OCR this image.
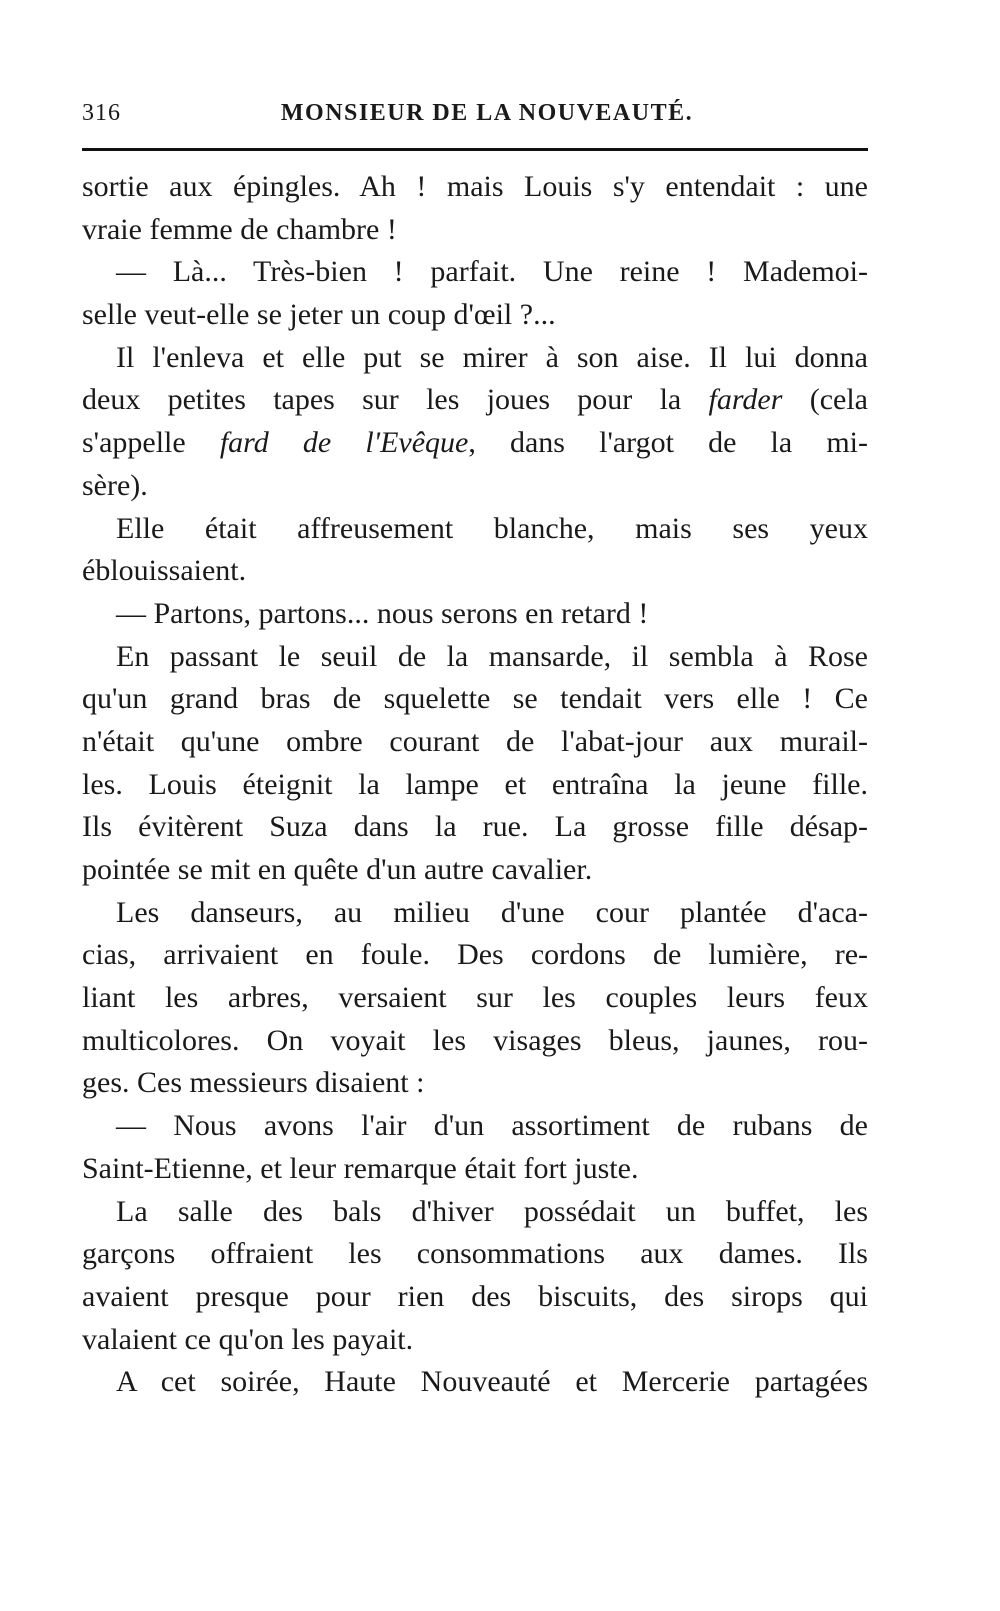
316	MONSIEUR DE LA NOUVEAUTÉ.
sortie aux épingles. Ah ! mais Louis s'y entendait : une
vraie femme de chambre !
— Là... Très-bien ! parfait. Une reine ! Mademoi-
selle veut-elle se jeter un coup d'œil ?...
Il l'enleva et elle put se mirer à son aise. Il lui donna
deux petites tapes sur les joues pour la farder (cela
s'appelle fard de l'Evêque, dans l'argot de la mi-
sère).
Elle était affreusement blanche, mais ses yeux
éblouissaient.
— Partons, partons... nous serons en retard !
En passant le seuil de la mansarde, il sembla à Rose
qu'un grand bras de squelette se tendait vers elle ! Ce
n'était qu'une ombre courant de l'abat-jour aux murail-
les. Louis éteignit la lampe et entraîna la jeune fille.
Ils évitèrent Suza dans la rue. La grosse fille désap-
pointée se mit en quête d'un autre cavalier.
Les danseurs, au milieu d'une cour plantée d'aca-
cias, arrivaient en foule. Des cordons de lumière, re-
liant les arbres, versaient sur les couples leurs feux
multicolores. On voyait les visages bleus, jaunes, rou-
ges. Ces messieurs disaient :
— Nous avons l'air d'un assortiment de rubans de
Saint-Etienne, et leur remarque était fort juste.
La salle des bals d'hiver possédait un buffet, les
garçons offraient les consommations aux dames. Ils
avaient presque pour rien des biscuits, des sirops qui
valaient ce qu'on les payait.
A cet soirée, Haute Nouveauté et Mercerie partagées
